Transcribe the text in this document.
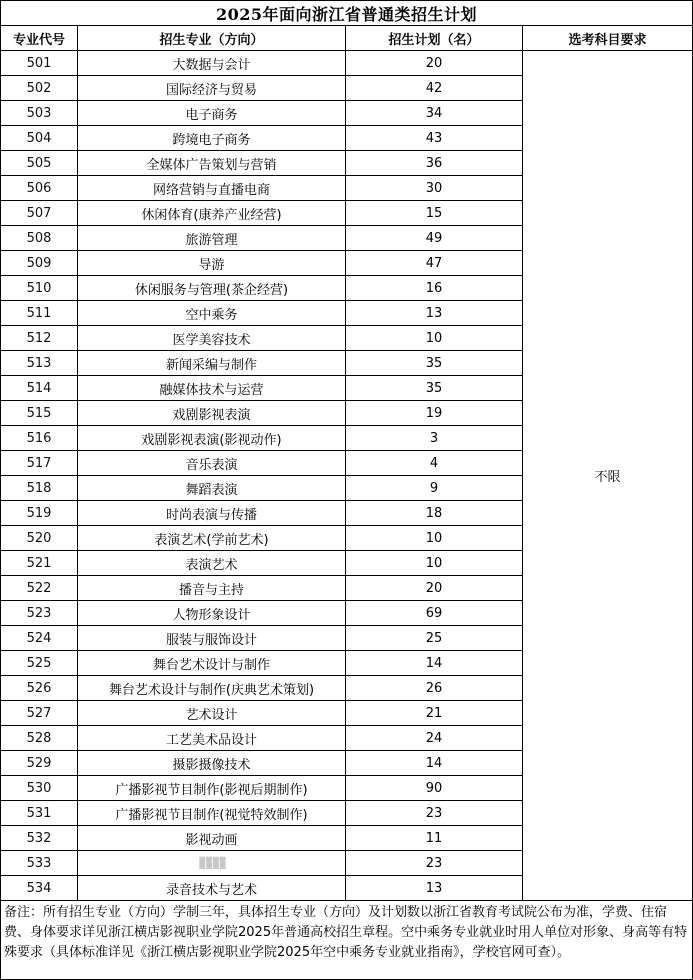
2025年面向浙江省普通类招生计划			
专业代号	招生专业（方向）	招生计划（名）	选考科目要求
501	大数据与会计	20	不限
502	国际经济与贸易	42	
503	电子商务	34	
504	跨境电子商务	43	
505	全媒体广告策划与营销	36	
506	网络营销与直播电商	30	
507	休闲体育(康养产业经营)	15	
508	旅游管理	49	
509	导游	47	
510	休闲服务与管理(茶企经营)	16	
511	空中乘务	13	
512	医学美容技术	10	
513	新闻采编与制作	35	
514	融媒体技术与运营	35	
515	戏剧影视表演	19	
516	戏剧影视表演(影视动作)	3	
517	音乐表演	4	
518	舞蹈表演	9	
519	时尚表演与传播	18	
520	表演艺术(学前艺术)	10	
521	表演艺术	10	
522	播音与主持	20	
523	人物形象设计	69	
524	服装与服饰设计	25	
525	舞台艺术设计与制作	14	
526	舞台艺术设计与制作(庆典艺术策划)	26	
527	艺术设计	21	
528	工艺美术品设计	24	
529	摄影摄像技术	14	
530	广播影视节目制作(影视后期制作)	90	
531	广播影视节目制作(视觉特效制作)	23	
532	影视动画	11	
533	▮▮▮▮	23	
534	录音技术与艺术	13	
备注：所有招生专业（方向）学制三年，具体招生专业（方向）及计划数以浙江省教育考试院公布为准，学费、住宿费、身体要求详见浙江横店影视职业学院2025年普通高校招生章程。空中乘务专业就业时用人单位对形象、身高等有特殊要求（具体标准详见《浙江横店影视职业学院2025年空中乘务专业就业指南》，学校官网可查）。			
